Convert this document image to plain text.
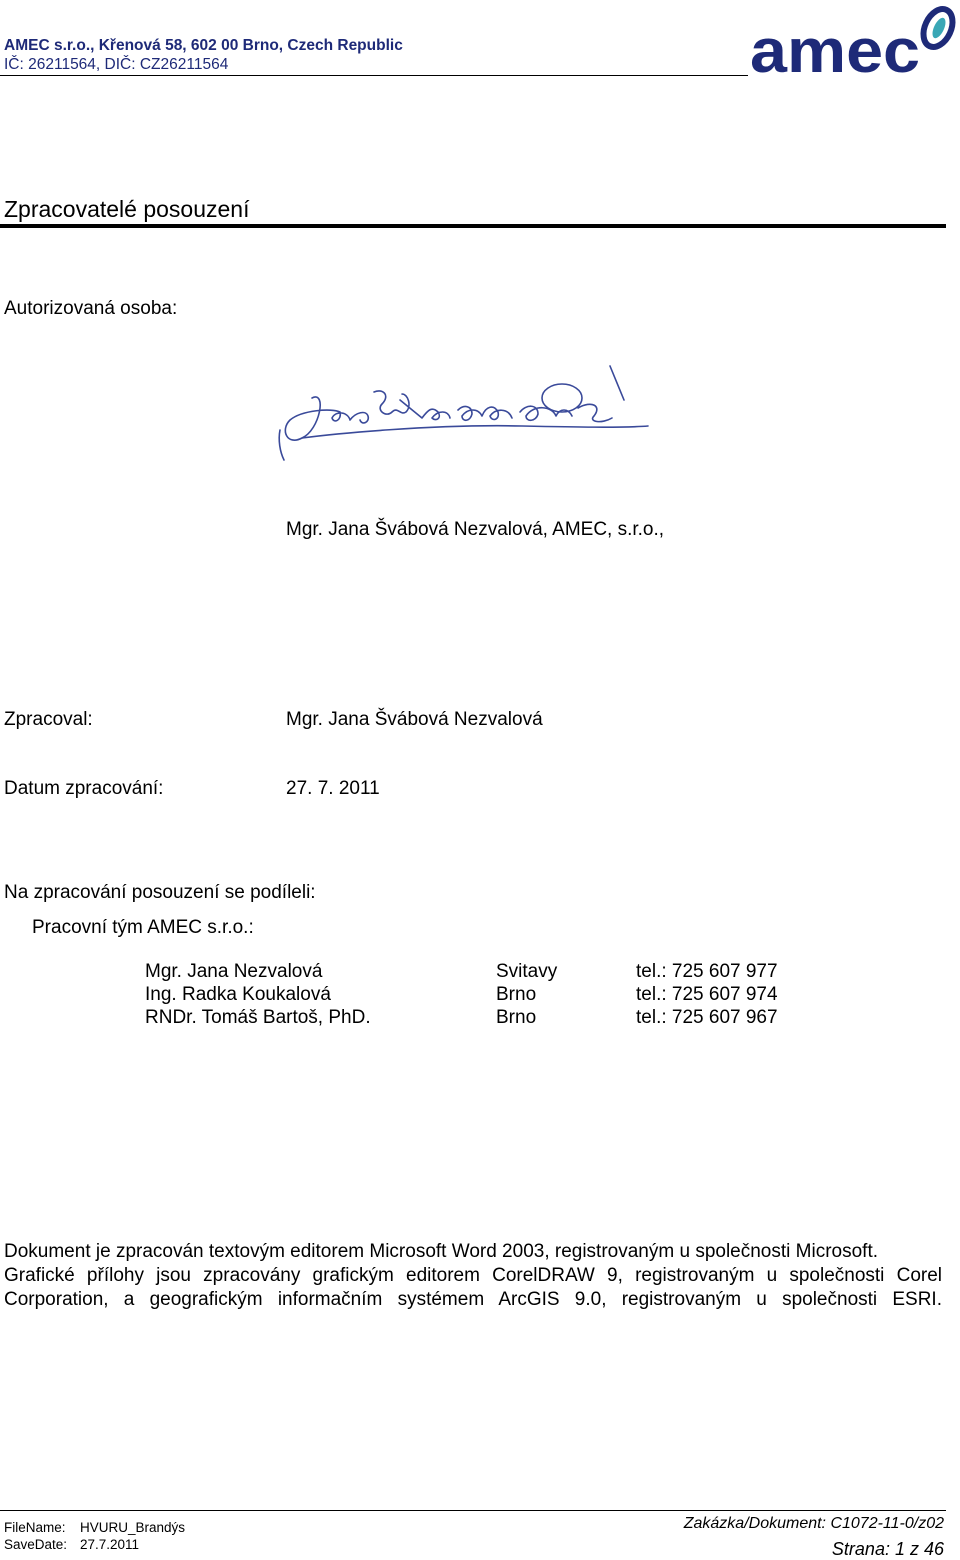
AMEC s.r.o., Křenová 58, 602 00 Brno, Czech Republic
IČ: 26211564, DIČ: CZ26211564	amec
Zpracovatelé posouzení
Autorizovaná osoba:
Mgr. Jana Švábová Nezvalová, AMEC, s.r.o.,
Zpracoval:	Mgr. Jana Švábová Nezvalová
Datum zpracování:	27. 7. 2011
Na zpracování posouzení se podíleli:
Pracovní tým AMEC s.r.o.:
Mgr. Jana Nezvalová	Svitavy	tel.: 725 607 977
Ing. Radka Koukalová	Brno	tel.: 725 607 974
RNDr. Tomáš Bartoš, PhD.	Brno	tel.: 725 607 967

Dokument je zpracován textovým editorem Microsoft Word 2003, registrovaným u společnosti Microsoft.

Grafické přílohy jsou zpracovány grafickým editorem CorelDRAW 9, registrovaným u společnosti Corel Corporation, a geografickým informačním systémem ArcGIS 9.0, registrovaným u společnosti ESRI.

FileName: HVURU_Brandýs
SaveDate: 27.7.2011
Zakázka/Dokument: C1072-11-0/z02
Strana: 1 z 46
